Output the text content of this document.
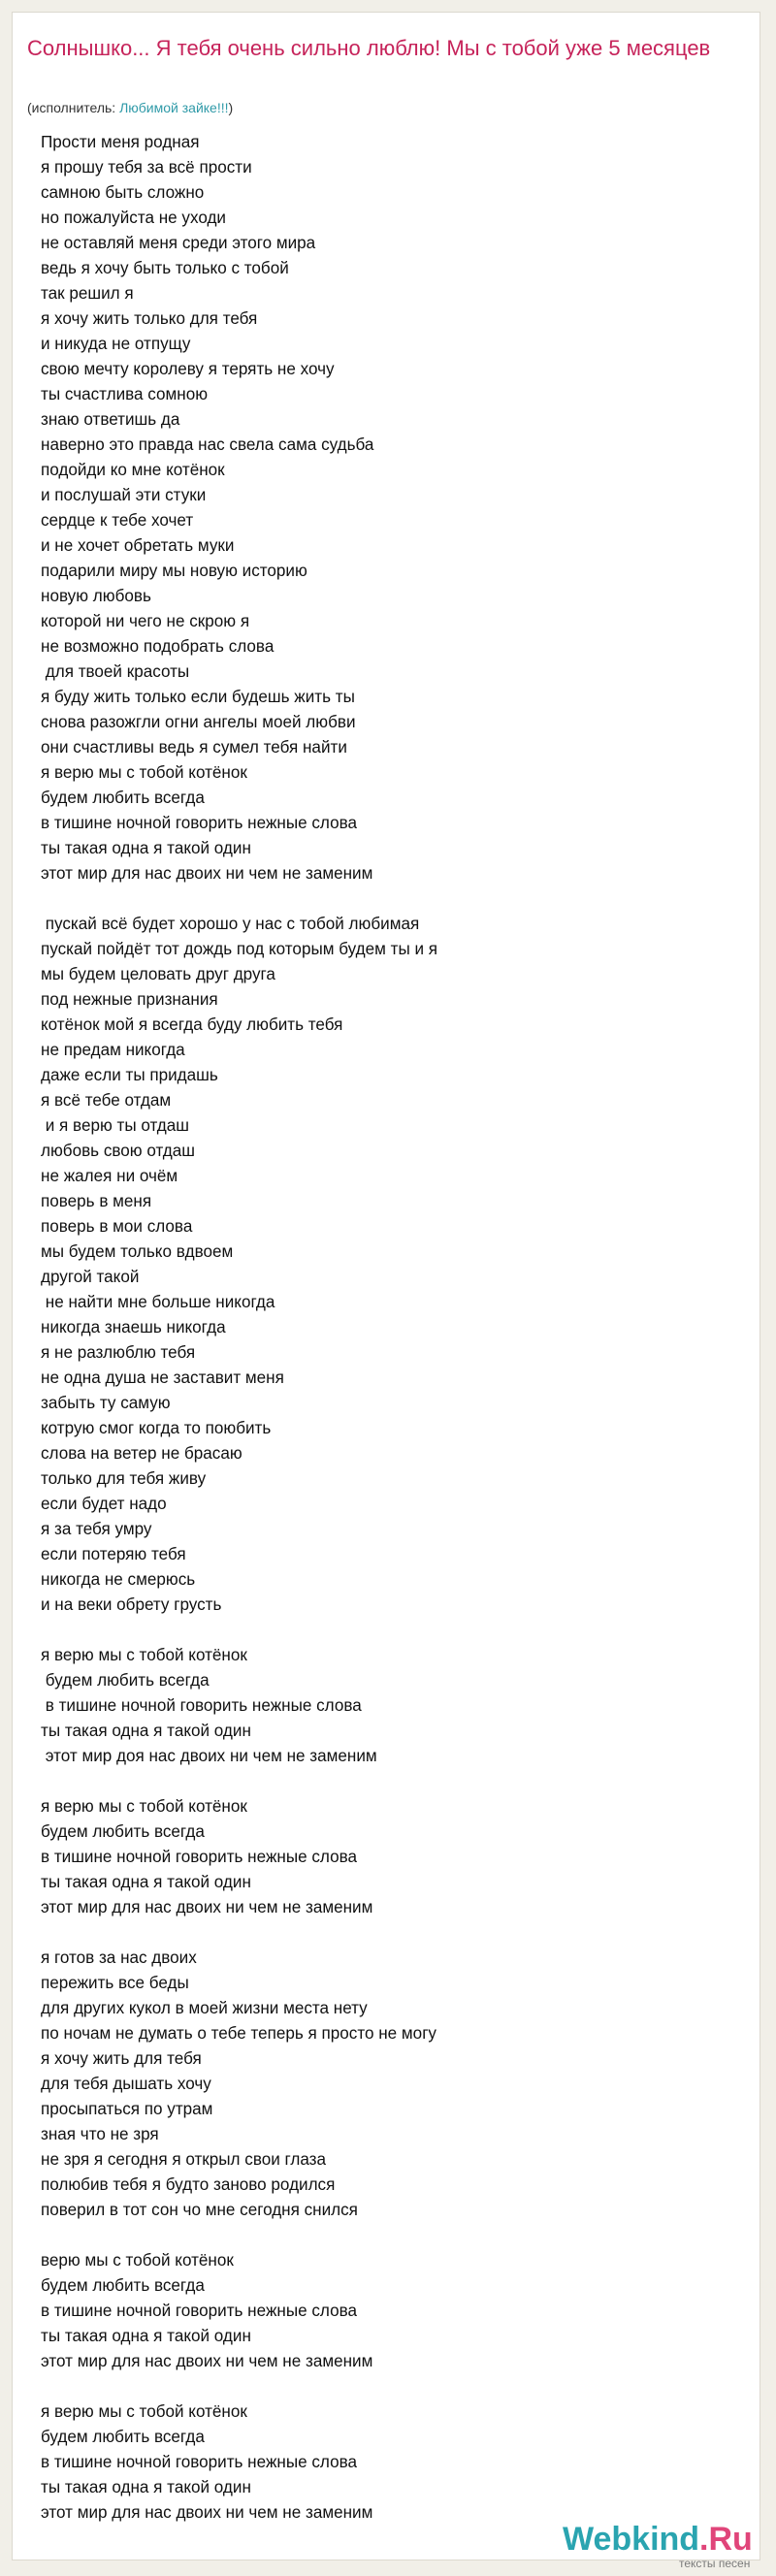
Солнышко... Я тебя очень сильно люблю! Мы с тобой уже 5 месяцев
(исполнитель: Любимой зайке!!!)
Прости меня родная
я прошу тебя за всё прости
самною быть сложно
но пожалуйста не уходи
не оставляй меня среди этого мира
ведь я хочу быть только с тобой
так решил я
я хочу жить только для тебя
и никуда не отпущу
свою мечту королеву я терять не хочу
ты счастлива сомною
знаю ответишь да
наверно это правда нас свела сама судьба
подойди ко мне котёнок
и послушай эти стуки
сердце к тебе хочет
и не хочет обретать муки
подарили миру мы новую историю
новую любовь
которой ни чего не скрою я
не возможно подобрать слова
для твоей красоты
я буду жить только если будешь жить ты
снова разожгли огни ангелы моей любви
они счастливы ведь я сумел тебя найти
я верю мы с тобой котёнок
будем любить всегда
в тишине ночной говорить нежные слова
ты такая одна я такой один
этот мир для нас двоих ни чем не заменим
пускай всё будет хорошо у нас с тобой любимая
пускай пойдёт тот дождь под которым будем ты и я
мы будем целовать друг друга
под нежные признания
котёнок мой я всегда буду любить тебя
не предам никогда
даже если ты придашь
я всё тебе отдам
и я верю ты отдаш
любовь свою отдаш
не жалея ни очём
поверь в меня
поверь в мои слова
мы будем только вдвоем
другой такой
не найти мне больше никогда
никогда знаешь никогда
я не разлюблю тебя
не одна душа не заставит меня
забыть ту самую
котрую смог когда то поюбить
слова на ветер не брасаю
только для тебя живу
если будет надо
я за тебя умру
если потеряю тебя
никогда не смерюсь
и на веки обрету грусть
я верю мы с тобой котёнок
будем любить всегда
в тишине ночной говорить нежные слова
ты такая одна я такой один
этот мир доя нас двоих ни чем не заменим
я верю мы с тобой котёнок
будем любить всегда
в тишине ночной говорить нежные слова
ты такая одна я такой один
этот мир для нас двоих ни чем не заменим
я готов за нас двоих
пережить все беды
для других кукол в моей жизни места нету
по ночам не думать о тебе теперь я просто не могу
я хочу жить для тебя
для тебя дышать хочу
просыпаться по утрам
зная что не зря
не зря я сегодня я открыл свои глаза
полюбив тебя я будто заново родился
поверил в тот сон чо мне сегодня снился
верю мы с тобой котёнок
будем любить всегда
в тишине ночной говорить нежные слова
ты такая одна я такой один
этот мир для нас двоих ни чем не заменим
я верю мы с тобой котёнок
будем любить всегда
в тишине ночной говорить нежные слова
ты такая одна я такой один
этот мир для нас двоих ни чем не заменим
Webkind.Ru
тексты песен
